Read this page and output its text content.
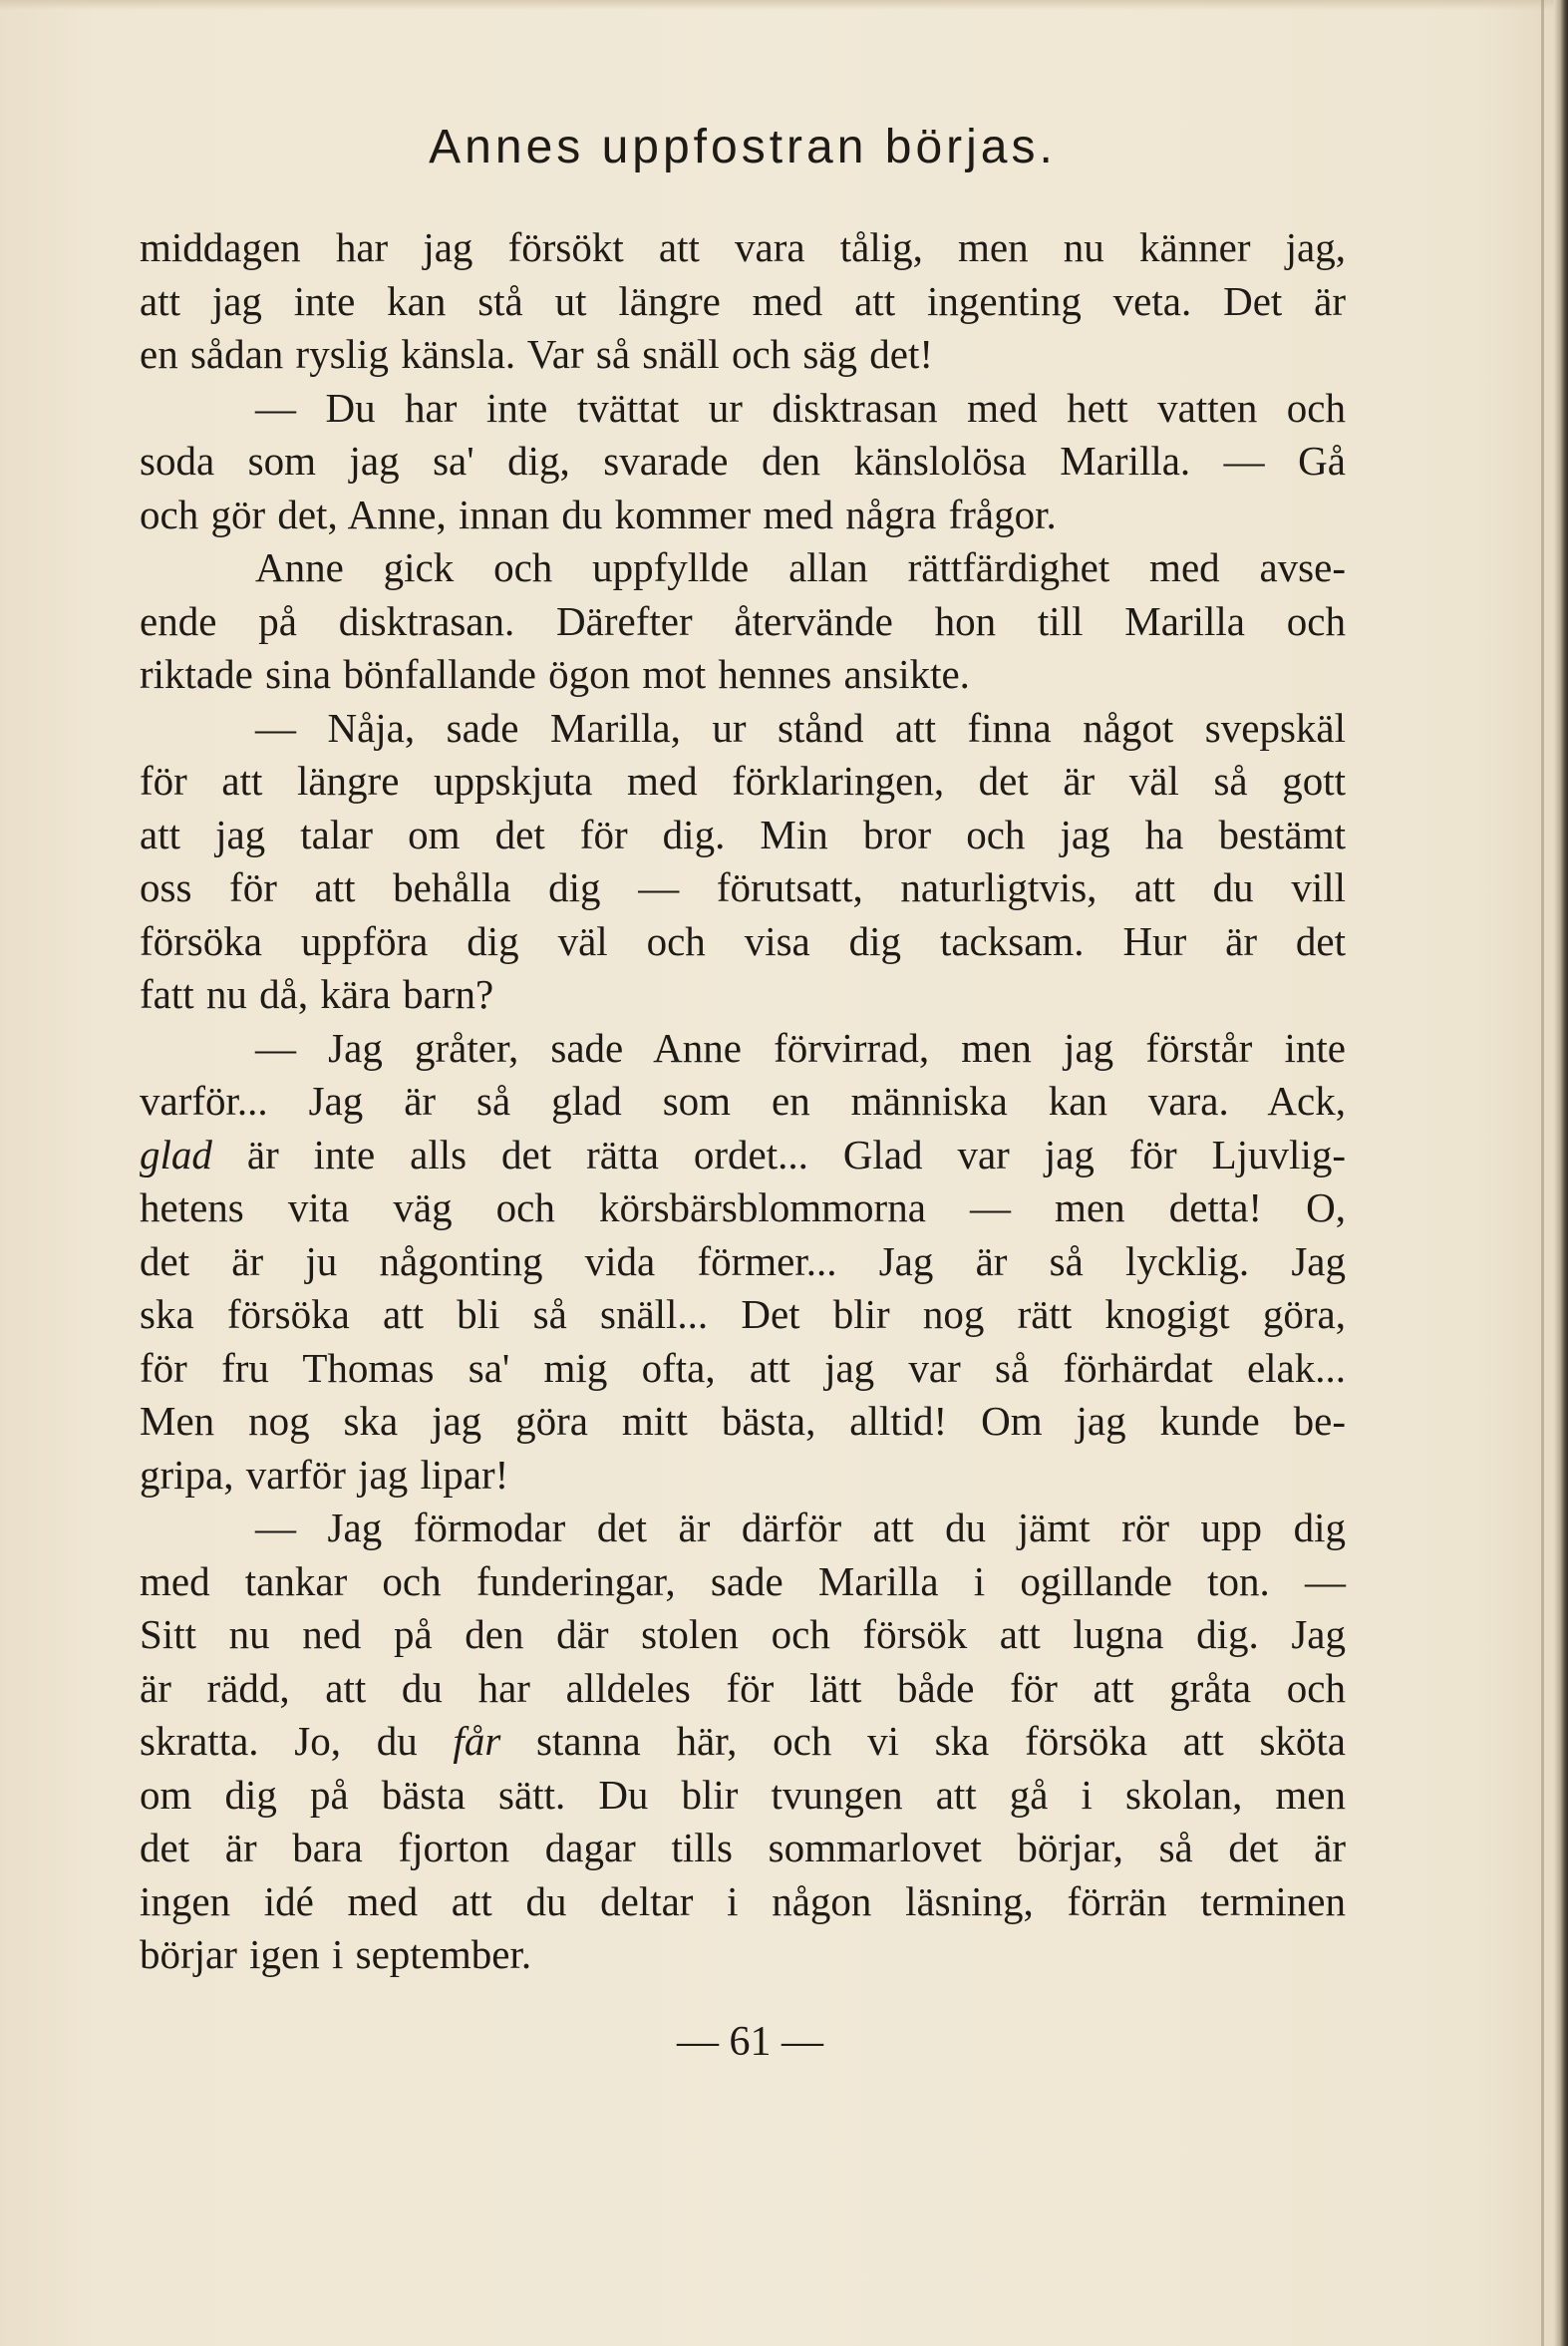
Annes uppfostran börjas.
middagen har jag försökt att vara tålig, men nu känner jag,
att jag inte kan stå ut längre med att ingenting veta. Det är
en sådan ryslig känsla. Var så snäll och säg det!
— Du har inte tvättat ur disktrasan med hett vatten och
soda som jag sa' dig, svarade den känslolösa Marilla. — Gå
och gör det, Anne, innan du kommer med några frågor.
Anne gick och uppfyllde allan rättfärdighet med avse-
ende på disktrasan. Därefter återvände hon till Marilla och
riktade sina bönfallande ögon mot hennes ansikte.
— Nåja, sade Marilla, ur stånd att finna något svepskäl
för att längre uppskjuta med förklaringen, det är väl så gott
att jag talar om det för dig. Min bror och jag ha bestämt
oss för att behålla dig — förutsatt, naturligtvis, att du vill
försöka uppföra dig väl och visa dig tacksam. Hur är det
fatt nu då, kära barn?
— Jag gråter, sade Anne förvirrad, men jag förstår inte
varför... Jag är så glad som en människa kan vara. Ack,
glad är inte alls det rätta ordet... Glad var jag för Ljuvlig-
hetens vita väg och körsbärsblommorna — men detta! O,
det är ju någonting vida förmer... Jag är så lycklig. Jag
ska försöka att bli så snäll... Det blir nog rätt knogigt göra,
för fru Thomas sa' mig ofta, att jag var så förhärdat elak...
Men nog ska jag göra mitt bästa, alltid! Om jag kunde be-
gripa, varför jag lipar!
— Jag förmodar det är därför att du jämt rör upp dig
med tankar och funderingar, sade Marilla i ogillande ton. —
Sitt nu ned på den där stolen och försök att lugna dig. Jag
är rädd, att du har alldeles för lätt både för att gråta och
skratta. Jo, du får stanna här, och vi ska försöka att sköta
om dig på bästa sätt. Du blir tvungen att gå i skolan, men
det är bara fjorton dagar tills sommarlovet börjar, så det är
ingen idé med att du deltar i någon läsning, förrän terminen
börjar igen i september.
— 61 —
